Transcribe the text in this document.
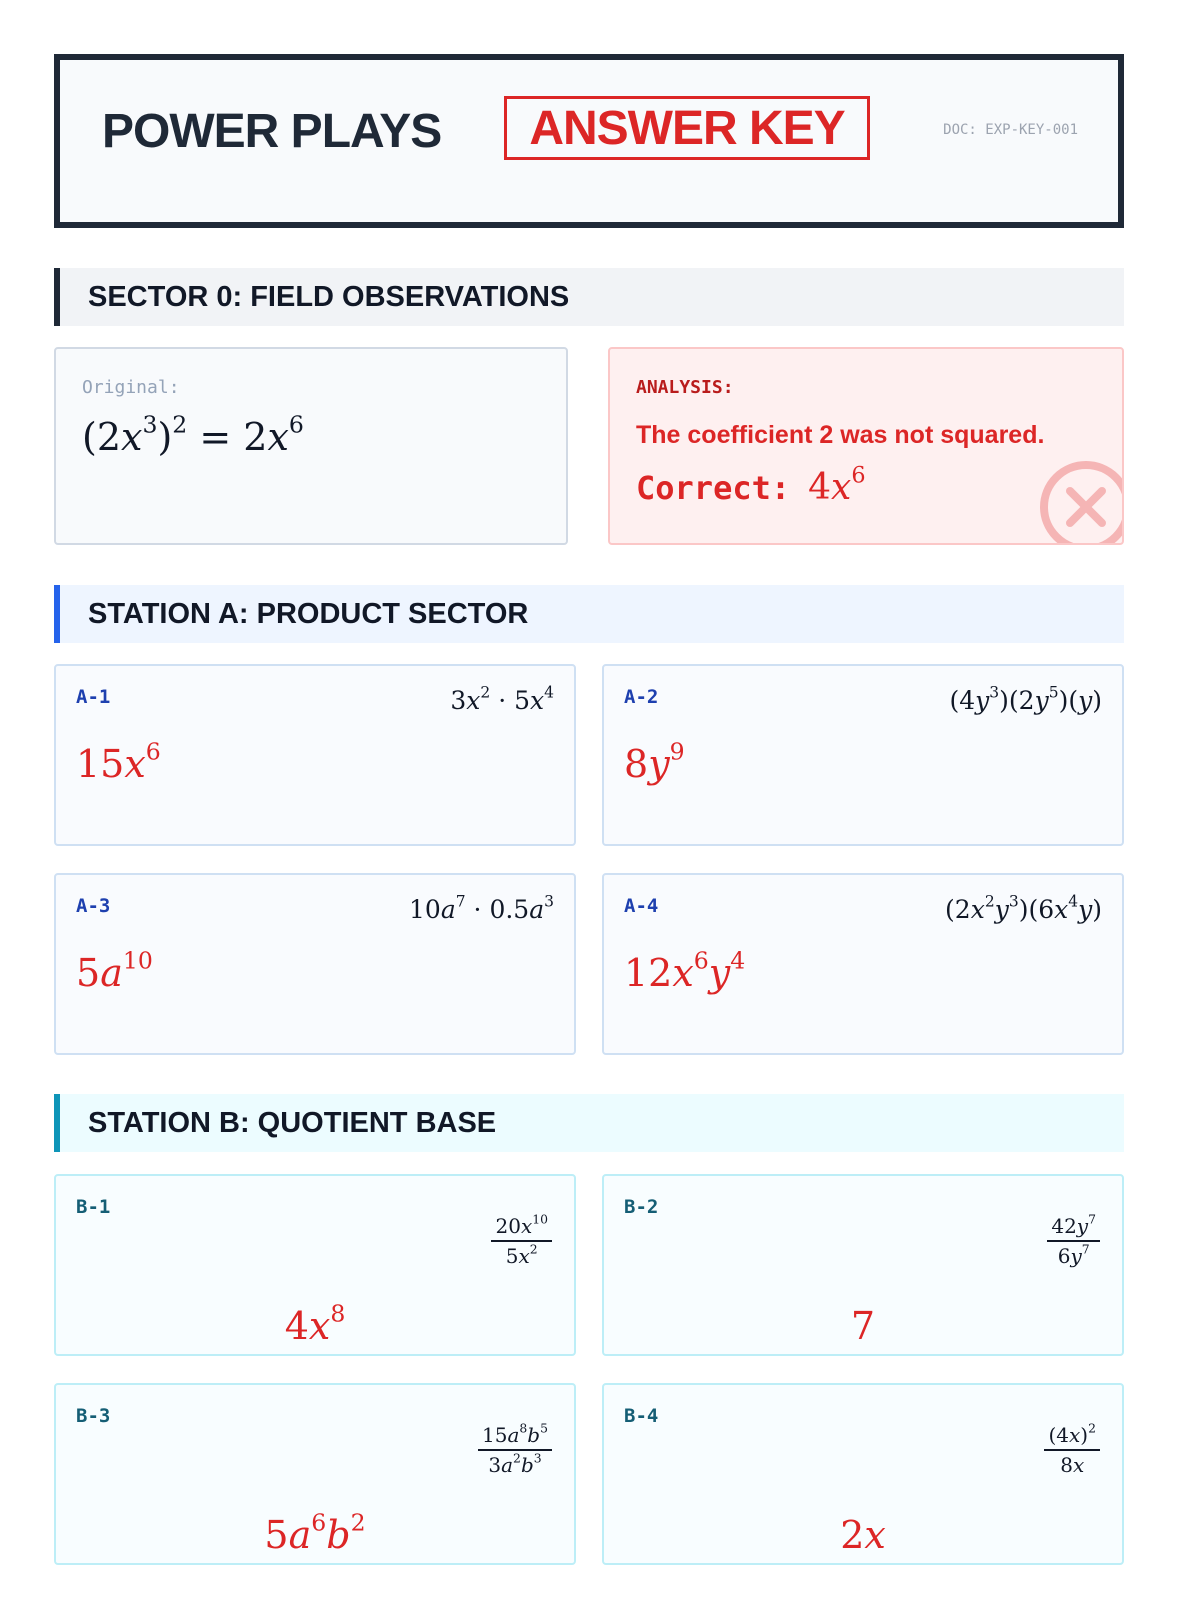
POWER PLAYS	ANSWER KEY	DOC: EXP-KEY-001
SECTOR 0: FIELD OBSERVATIONS
Original:
$(2x^3)^2 = 2x^6$
ANALYSIS:
The coefficient 2 was not squared.
Correct: $4x^6$
STATION A: PRODUCT SECTOR
A-1	$3x^2 \cdot 5x^4$
$15x^6$
A-2	$(4y^3)(2y^5)(y)$
$8y^9$
A-3	$10a^7 \cdot 0.5a^3$
$5a^{10}$
A-4	$(2x^2y^3)(6x^4y)$
$12x^6y^4$
STATION B: QUOTIENT BASE
B-1
$\frac{20x^{10}}{5x^2}$
$4x^8$
B-2
$\frac{42y^7}{6y^7}$
7
B-3
$\frac{15a^8b^5}{3a^2b^3}$
$5a^6b^2$
B-4
$\frac{(4x)^2}{8x}$
2x
